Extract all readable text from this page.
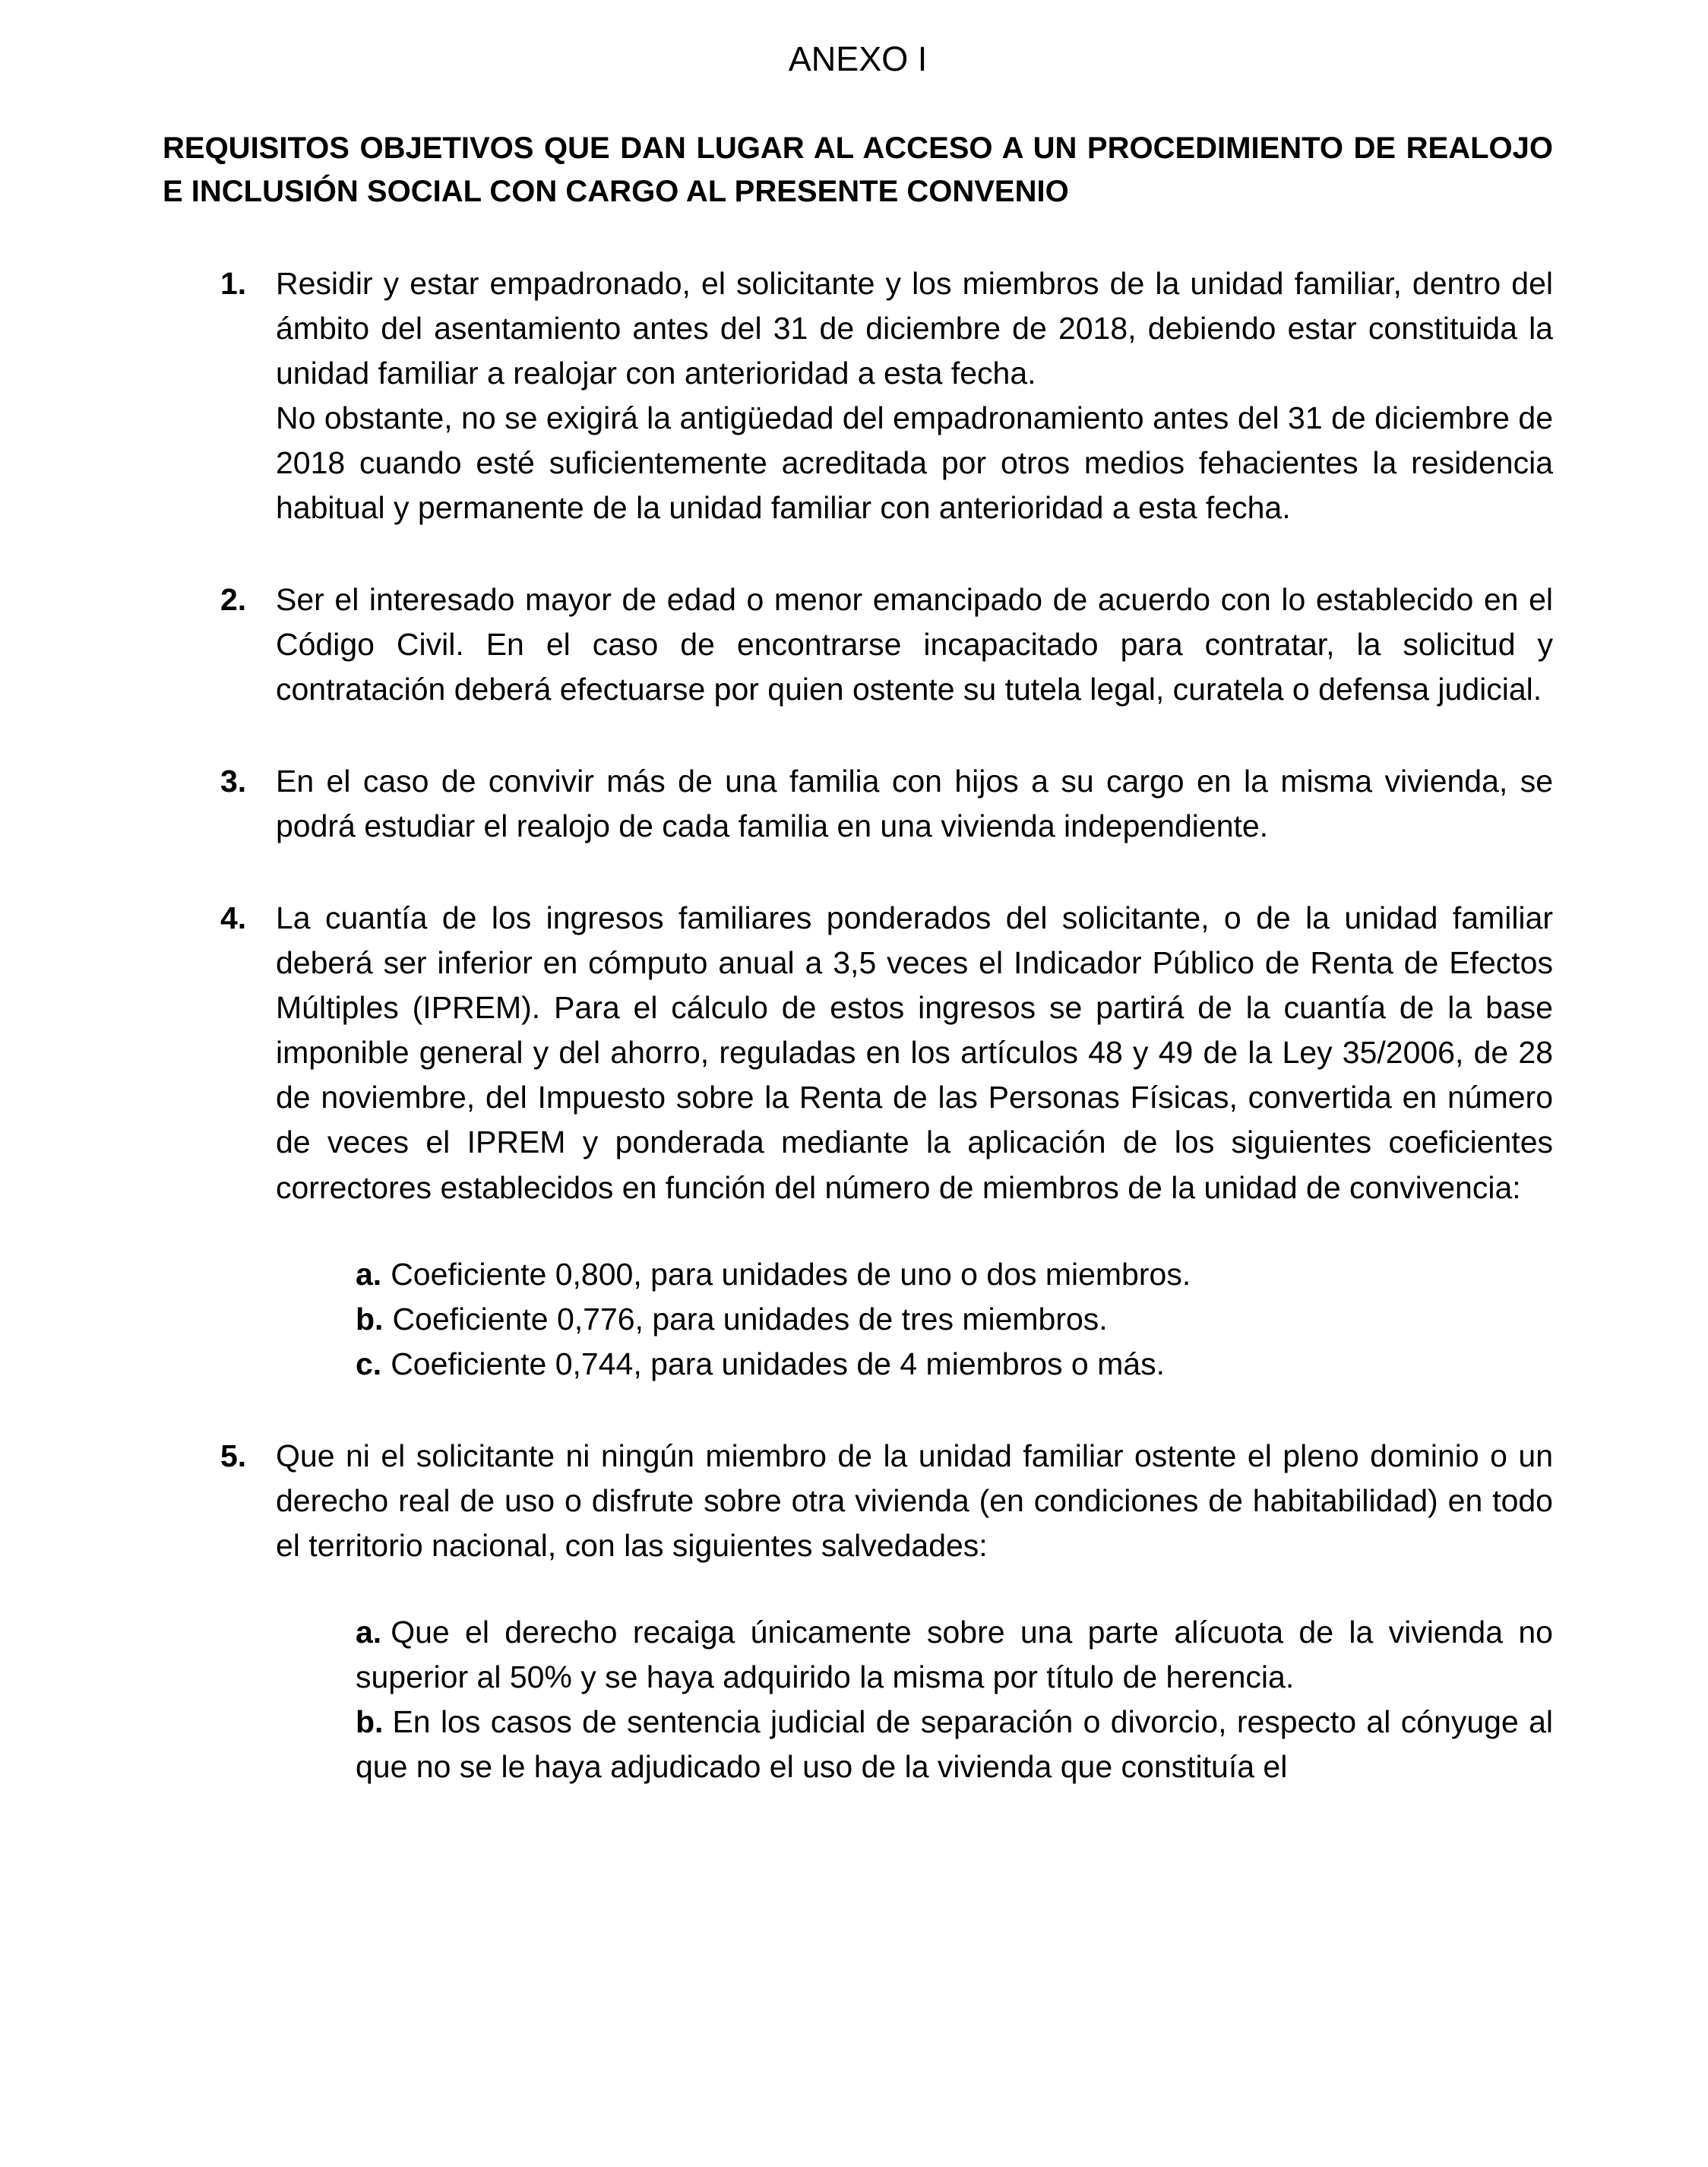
ANEXO I

REQUISITOS OBJETIVOS QUE DAN LUGAR AL ACCESO A UN PROCEDIMIENTO DE REALOJO E INCLUSIÓN SOCIAL CON CARGO AL PRESENTE CONVENIO
1. Residir y estar empadronado, el solicitante y los miembros de la unidad familiar, dentro del ámbito del asentamiento antes del 31 de diciembre de 2018, debiendo estar constituida la unidad familiar a realojar con anterioridad a esta fecha.

No obstante, no se exigirá la antigüedad del empadronamiento antes del 31 de diciembre de 2018 cuando esté suficientemente acreditada por otros medios fehacientes la residencia habitual y permanente de la unidad familiar con anterioridad a esta fecha.

2. Ser el interesado mayor de edad o menor emancipado de acuerdo con lo establecido en el Código Civil. En el caso de encontrarse incapacitado para contratar, la solicitud y contratación deberá efectuarse por quien ostente su tutela legal, curatela o defensa judicial.

3. En el caso de convivir más de una familia con hijos a su cargo en la misma vivienda, se podrá estudiar el realojo de cada familia en una vivienda independiente.

4. La cuantía de los ingresos familiares ponderados del solicitante, o de la unidad familiar deberá ser inferior en cómputo anual a 3,5 veces el Indicador Público de Renta de Efectos Múltiples (IPREM). Para el cálculo de estos ingresos se partirá de la cuantía de la base imponible general y del ahorro, reguladas en los artículos 48 y 49 de la Ley 35/2006, de 28 de noviembre, del Impuesto sobre la Renta de las Personas Físicas, convertida en número de veces el IPREM y ponderada mediante la aplicación de los siguientes coeficientes correctores establecidos en función del número de miembros de la unidad de convivencia:

a. Coeficiente 0,800, para unidades de uno o dos miembros.

b. Coeficiente 0,776, para unidades de tres miembros.

c. Coeficiente 0,744, para unidades de 4 miembros o más.

5. Que ni el solicitante ni ningún miembro de la unidad familiar ostente el pleno dominio o un derecho real de uso o disfrute sobre otra vivienda (en condiciones de habitabilidad) en todo el territorio nacional, con las siguientes salvedades:

a. Que el derecho recaiga únicamente sobre una parte alícuota de la vivienda no superior al 50% y se haya adquirido la misma por título de herencia.

b. En los casos de sentencia judicial de separación o divorcio, respecto al cónyuge al que no se le haya adjudicado el uso de la vivienda que constituía el
